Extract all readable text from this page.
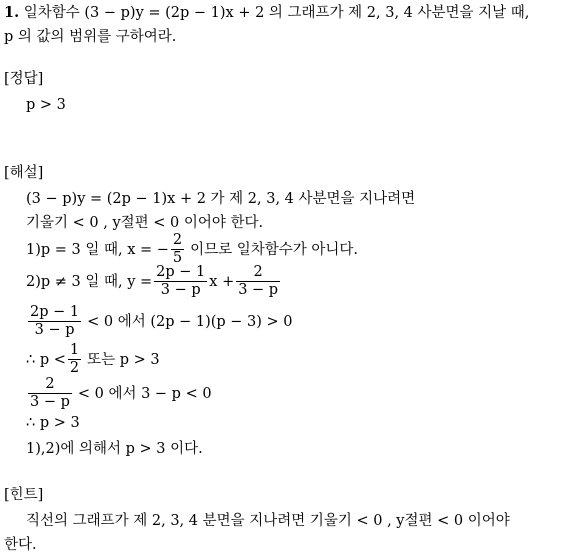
1. 일차함수 (3 − p)y = (2p − 1)x + 2 의 그래프가 제 2, 3, 4 사분면을 지날 때,
p 의 값의 범위를 구하여라.
[정답]
p > 3
[해설]
(3 − p)y = (2p − 1)x + 2 가 제 2, 3, 4 사분면을 지나려면
기울기 < 0 , y절편 < 0 이어야 한다.
1)p = 3 일 때, x = − $\frac{2}{5}$ 이므로 일차함수가 아니다.
2)p ≠ 3 일 때, $y = \frac{2p - 1}{3 - p}$ $x + \frac{2}{3 - p}$
$\frac{2p - 1}{3 - p} < 0$ 에서 (2p − 1)(p − 3) > 0
∴ $p < \frac{1}{2}$ 또는 p > 3
$\frac{2}{3 - p} < 0$ 에서 3 − p < 0
∴ p > 3
1),2)에 의해서 p > 3 이다.
[힌트]
직선의 그래프가 제 2, 3, 4 분면을 지나려면 기울기 < 0 , y절편 < 0 이어야
한다.
